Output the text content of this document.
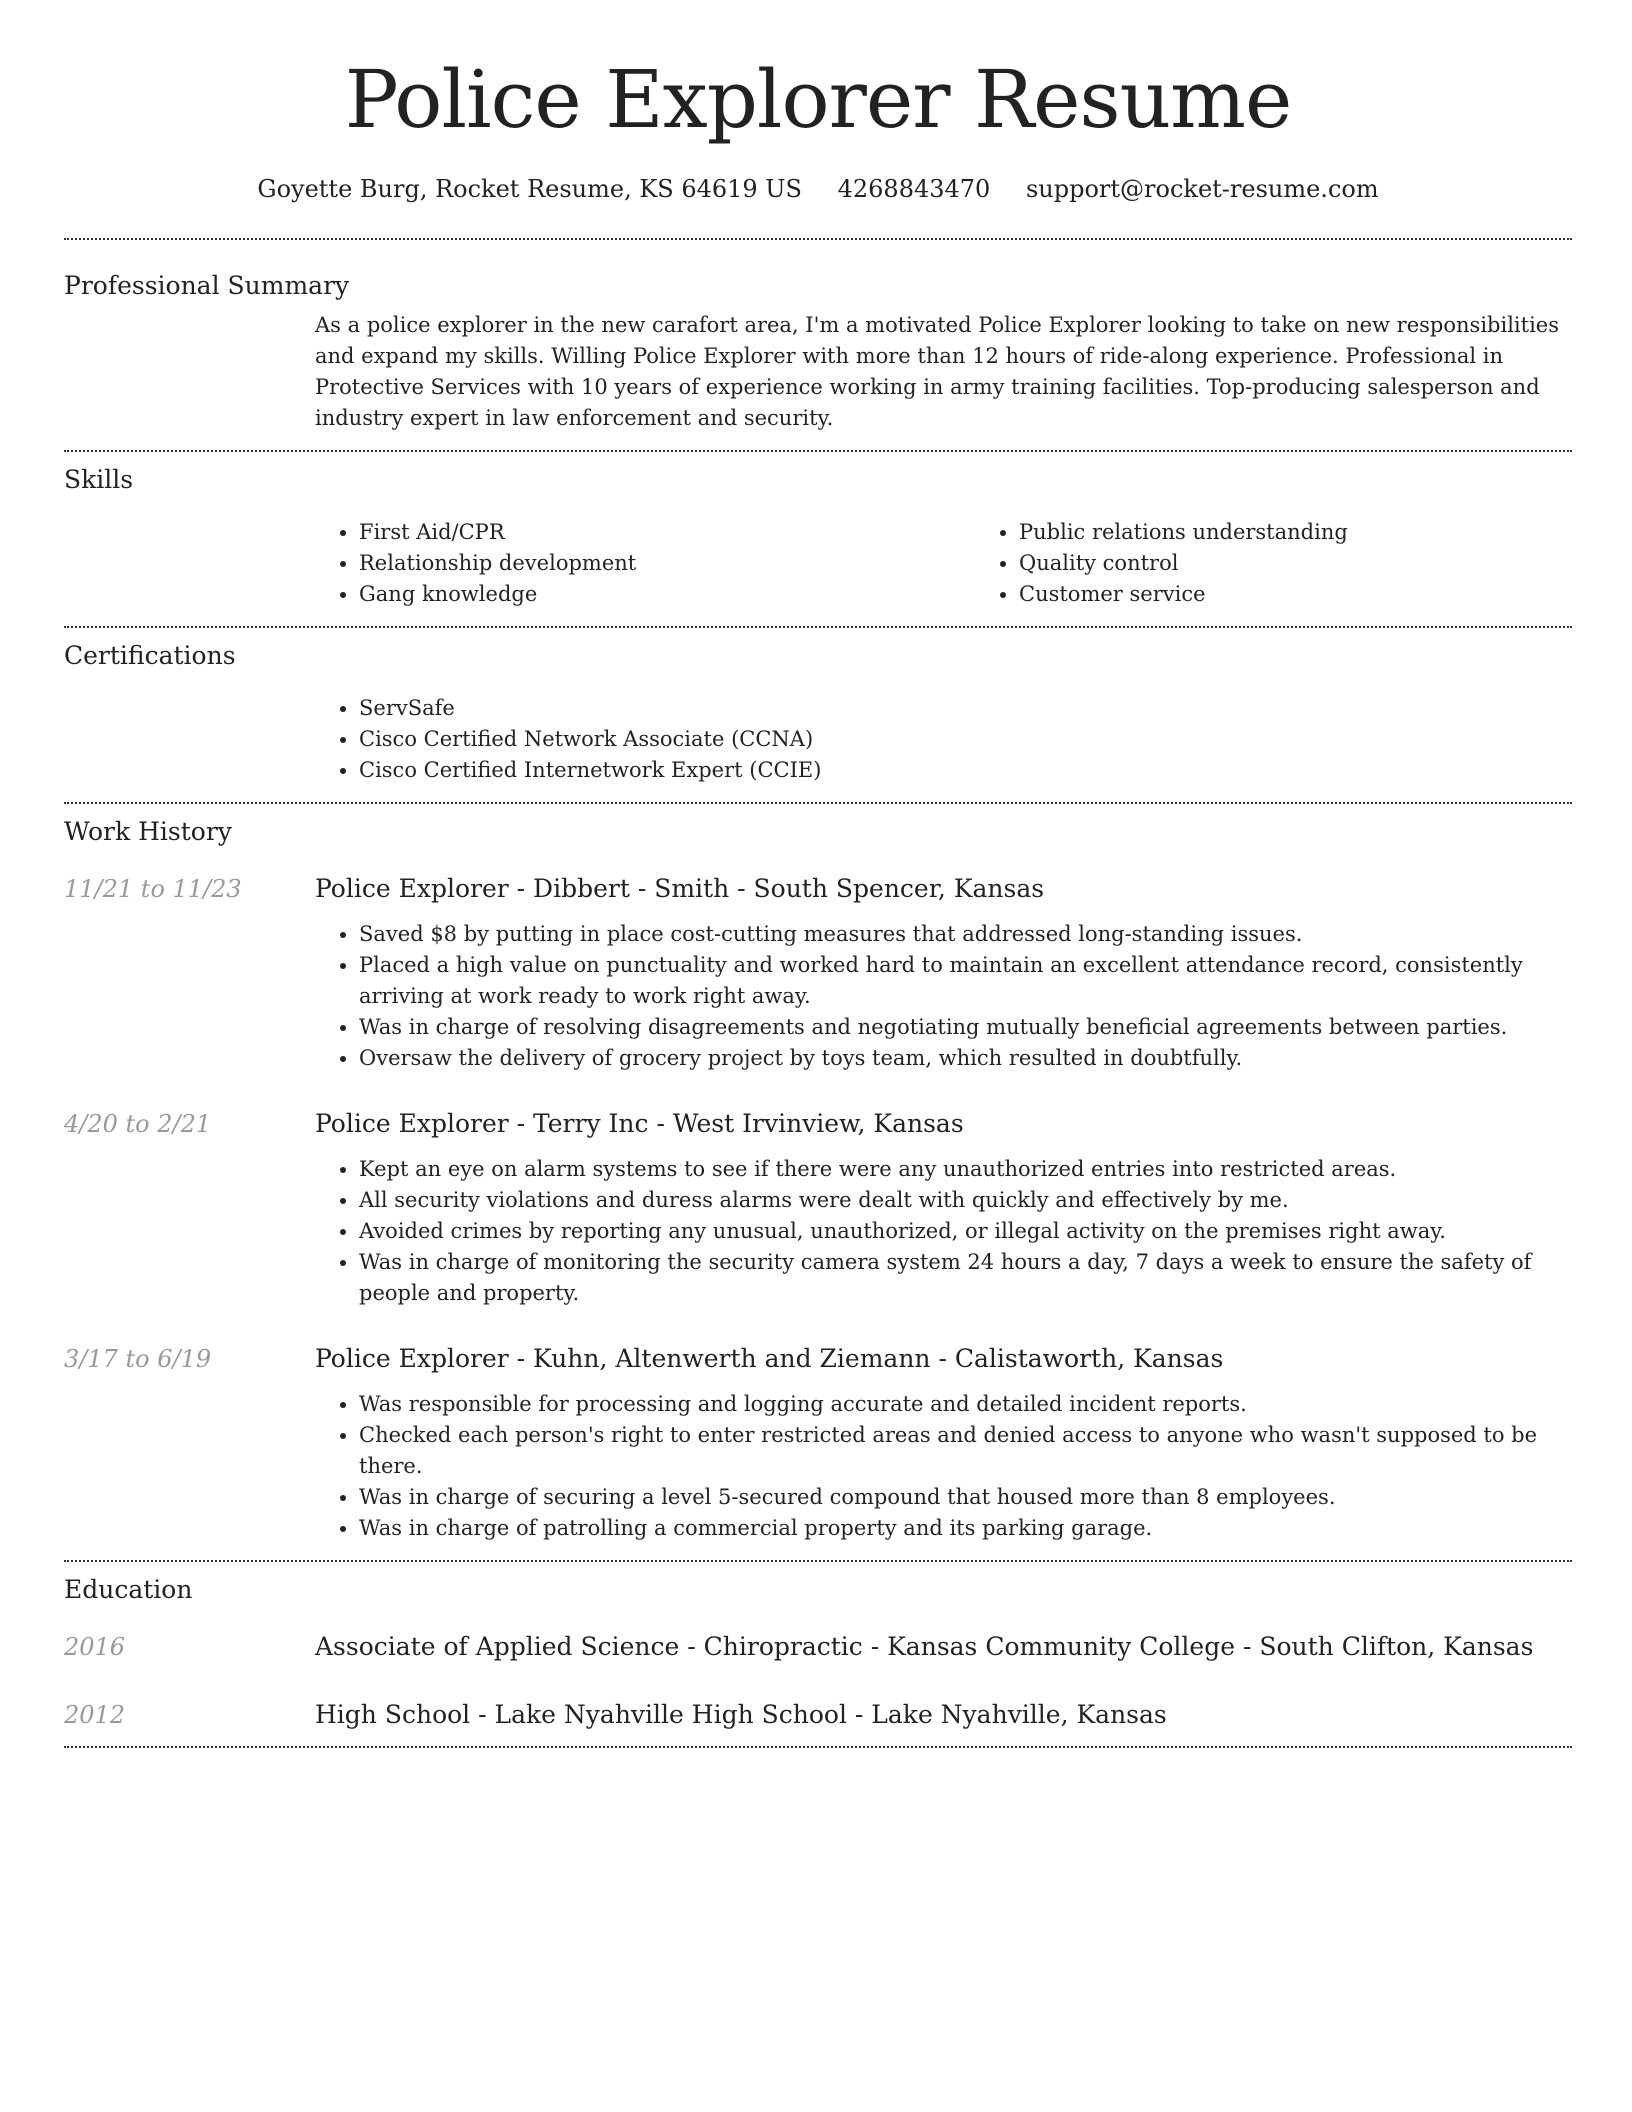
Police Explorer Resume
Goyette Burg, Rocket Resume, KS 64619 US 4268843470 support@rocket-resume.com
Professional Summary
As a police explorer in the new carafort area, I'm a motivated Police Explorer looking to take on new responsibilities and expand my skills. Willing Police Explorer with more than 12 hours of ride-along experience. Professional in Protective Services with 10 years of experience working in army training facilities. Top-producing salesperson and industry expert in law enforcement and security.
Skills
• First Aid/CPR
• Relationship development
• Gang knowledge
• Public relations understanding
• Quality control
• Customer service
Certifications
• ServSafe
• Cisco Certified Network Associate (CCNA)
• Cisco Certified Internetwork Expert (CCIE)
Work History
11/21 to 11/23	Police Explorer - Dibbert - Smith - South Spencer, Kansas
• Saved $8 by putting in place cost-cutting measures that addressed long-standing issues.
• Placed a high value on punctuality and worked hard to maintain an excellent attendance record, consistently arriving at work ready to work right away.
• Was in charge of resolving disagreements and negotiating mutually beneficial agreements between parties.
• Oversaw the delivery of grocery project by toys team, which resulted in doubtfully.
4/20 to 2/21	Police Explorer - Terry Inc - West Irvinview, Kansas
• Kept an eye on alarm systems to see if there were any unauthorized entries into restricted areas.
• All security violations and duress alarms were dealt with quickly and effectively by me.
• Avoided crimes by reporting any unusual, unauthorized, or illegal activity on the premises right away.
• Was in charge of monitoring the security camera system 24 hours a day, 7 days a week to ensure the safety of people and property.
3/17 to 6/19	Police Explorer - Kuhn, Altenwerth and Ziemann - Calistaworth, Kansas
• Was responsible for processing and logging accurate and detailed incident reports.
• Checked each person's right to enter restricted areas and denied access to anyone who wasn't supposed to be there.
• Was in charge of securing a level 5-secured compound that housed more than 8 employees.
• Was in charge of patrolling a commercial property and its parking garage.
Education
2016	Associate of Applied Science - Chiropractic - Kansas Community College - South Clifton, Kansas
2012	High School - Lake Nyahville High School - Lake Nyahville, Kansas
